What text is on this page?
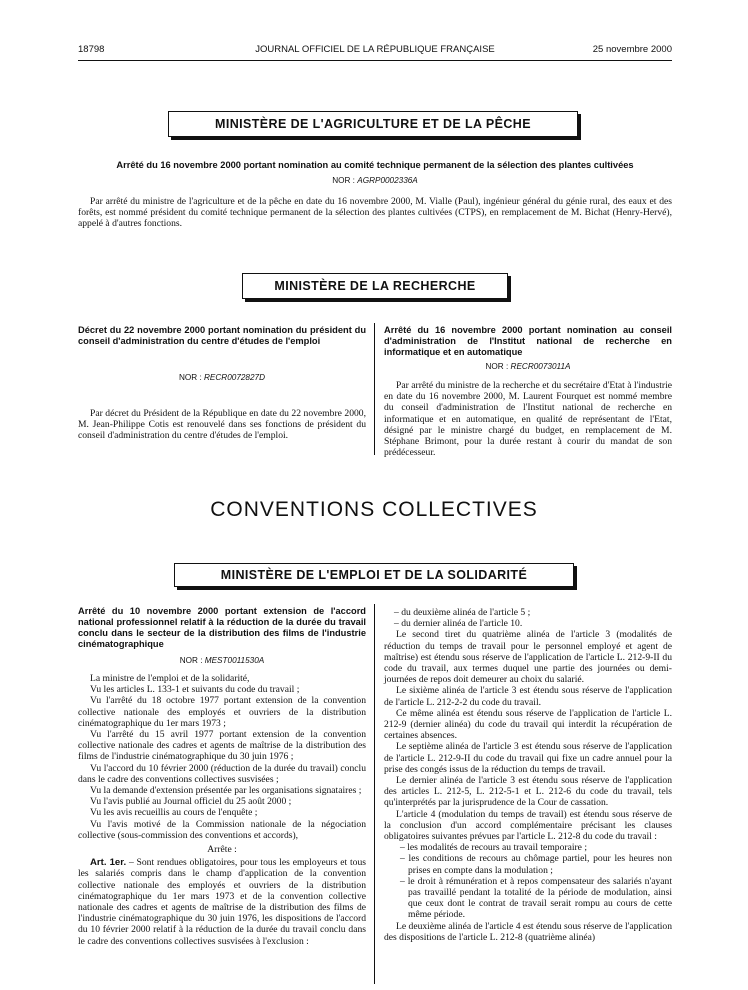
18798	JOURNAL OFFICIEL DE LA RÉPUBLIQUE FRANÇAISE	25 novembre 2000
MINISTÈRE DE L'AGRICULTURE ET DE LA PÊCHE
Arrêté du 16 novembre 2000 portant nomination au comité technique permanent de la sélection des plantes cultivées
NOR : AGRP0002336A

Par arrêté du ministre de l'agriculture et de la pêche en date du 16 novembre 2000, M. Vialle (Paul), ingénieur général du génie rural, des eaux et des forêts, est nommé président du comité technique permanent de la sélection des plantes cultivées (CTPS), en remplacement de M. Bichat (Henry-Hervé), appelé à d'autres fonctions.

MINISTÈRE DE LA RECHERCHE
Décret du 22 novembre 2000 portant nomination du président du conseil d'administration du centre d'études de l'emploi
NOR : RECR0072827D

Par décret du Président de la République en date du 22 novembre 2000, M. Jean-Philippe Cotis est renouvelé dans ses fonctions de président du conseil d'administration du centre d'études de l'emploi.

Arrêté du 16 novembre 2000 portant nomination au conseil d'administration de l'Institut national de recherche en informatique et en automatique
NOR : RECR0073011A

Par arrêté du ministre de la recherche et du secrétaire d'Etat à l'industrie en date du 16 novembre 2000, M. Laurent Fourquet est nommé membre du conseil d'administration de l'Institut national de recherche en informatique et en automatique, en qualité de représentant de l'Etat, désigné par le ministre chargé du budget, en remplacement de M. Stéphane Brimont, pour la durée restant à courir du mandat de son prédécesseur.

CONVENTIONS COLLECTIVES
MINISTÈRE DE L'EMPLOI ET DE LA SOLIDARITÉ
Arrêté du 10 novembre 2000 portant extension de l'accord national professionnel relatif à la réduction de la durée du travail conclu dans le secteur de la distribution des films de l'industrie cinématographique
NOR : MEST0011530A

La ministre de l'emploi et de la solidarité,

Vu les articles L. 133-1 et suivants du code du travail ;

Vu l'arrêté du 18 octobre 1977 portant extension de la convention collective nationale des employés et ouvriers de la distribution cinématographique du 1er mars 1973 ;

Vu l'arrêté du 15 avril 1977 portant extension de la convention collective nationale des cadres et agents de maîtrise de la distribution des films de l'industrie cinématographique du 30 juin 1976 ;

Vu l'accord du 10 février 2000 (réduction de la durée du travail) conclu dans le cadre des conventions collectives susvisées ;

Vu la demande d'extension présentée par les organisations signataires ;

Vu l'avis publié au Journal officiel du 25 août 2000 ;

Vu les avis recueillis au cours de l'enquête ;

Vu l'avis motivé de la Commission nationale de la négociation collective (sous-commission des conventions et accords),

Arrête :

Art. 1er. – Sont rendues obligatoires, pour tous les employeurs et tous les salariés compris dans le champ d'application de la convention collective nationale des employés et ouvriers de la distribution cinématographique du 1er mars 1973 et de la convention collective nationale des cadres et agents de maîtrise de la distribution des films de l'industrie cinématographique du 30 juin 1976, les dispositions de l'accord du 10 février 2000 relatif à la réduction de la durée du travail conclu dans le cadre des conventions collectives susvisées à l'exclusion :

– du deuxième alinéa de l'article 5 ;

– du dernier alinéa de l'article 10.

Le second tiret du quatrième alinéa de l'article 3 (modalités de réduction du temps de travail pour le personnel employé et agent de maîtrise) est étendu sous réserve de l'application de l'article L. 212-9-II du code du travail, aux termes duquel une partie des journées ou demi-journées de repos doit demeurer au choix du salarié.

Le sixième alinéa de l'article 3 est étendu sous réserve de l'application de l'article L. 212-2-2 du code du travail.

Ce même alinéa est étendu sous réserve de l'application de l'article L. 212-9 (dernier alinéa) du code du travail qui interdit la récupération de certaines absences.

Le septième alinéa de l'article 3 est étendu sous réserve de l'application de l'article L. 212-9-II du code du travail qui fixe un cadre annuel pour la prise des congés issus de la réduction du temps de travail.

Le dernier alinéa de l'article 3 est étendu sous réserve de l'application des articles L. 212-5, L. 212-5-1 et L. 212-6 du code du travail, tels qu'interprétés par la jurisprudence de la Cour de cassation.

L'article 4 (modulation du temps de travail) est étendu sous réserve de la conclusion d'un accord complémentaire précisant les clauses obligatoires suivantes prévues par l'article L. 212-8 du code du travail :

– les modalités de recours au travail temporaire ;

– les conditions de recours au chômage partiel, pour les heures non prises en compte dans la modulation ;

– le droit à rémunération et à repos compensateur des salariés n'ayant pas travaillé pendant la totalité de la période de modulation, ainsi que ceux dont le contrat de travail serait rompu au cours de cette même période.

Le deuxième alinéa de l'article 4 est étendu sous réserve de l'application des dispositions de l'article L. 212-8 (quatrième alinéa)
